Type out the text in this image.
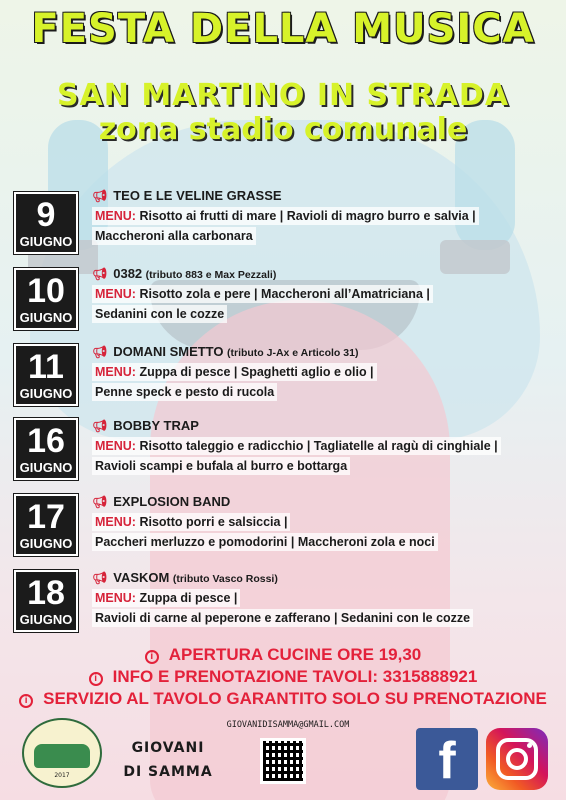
FESTA DELLA MUSICA
SAN MARTINO IN STRADA
zona stadio comunale
9
GIUGNO
📢︎ TEO E LE VELINE GRASSE
MENU: Risotto ai frutti di mare | Ravioli di magro burro e salvia |
Maccheroni alla carbonara
10
GIUGNO
📢︎ 0382 (tributo 883 e Max Pezzali)
MENU: Risotto zola e pere | Maccheroni all’Amatriciana |
Sedanini con le cozze
11
GIUGNO
📢︎ DOMANI SMETTO (tributo J-Ax e Articolo 31)
MENU: Zuppa di pesce | Spaghetti aglio e olio |
Penne speck e pesto di rucola
16
GIUGNO
📢︎ BOBBY TRAP
MENU: Risotto taleggio e radicchio | Tagliatelle al ragù di cinghiale |
Ravioli scampi e bufala al burro e bottarga
17
GIUGNO
📢︎ EXPLOSION BAND
MENU: Risotto porri e salsiccia |
Paccheri merluzzo e pomodorini | Maccheroni zola e noci
18
GIUGNO
📢︎ VASKOM (tributo Vasco Rossi)
MENU: Zuppa di pesce |
Ravioli di carne al peperone e zafferano | Sedanini con le cozze
i APERTURA CUCINE ORE 19,30
i INFO E PRENOTAZIONE TAVOLI: 3315888921
i SERVIZIO AL TAVOLO GARANTITO SOLO SU PRENOTAZIONE
2017
GIOVANI
DI SAMMA
GIOVANIDISAMMA@GMAIL.COM
f
